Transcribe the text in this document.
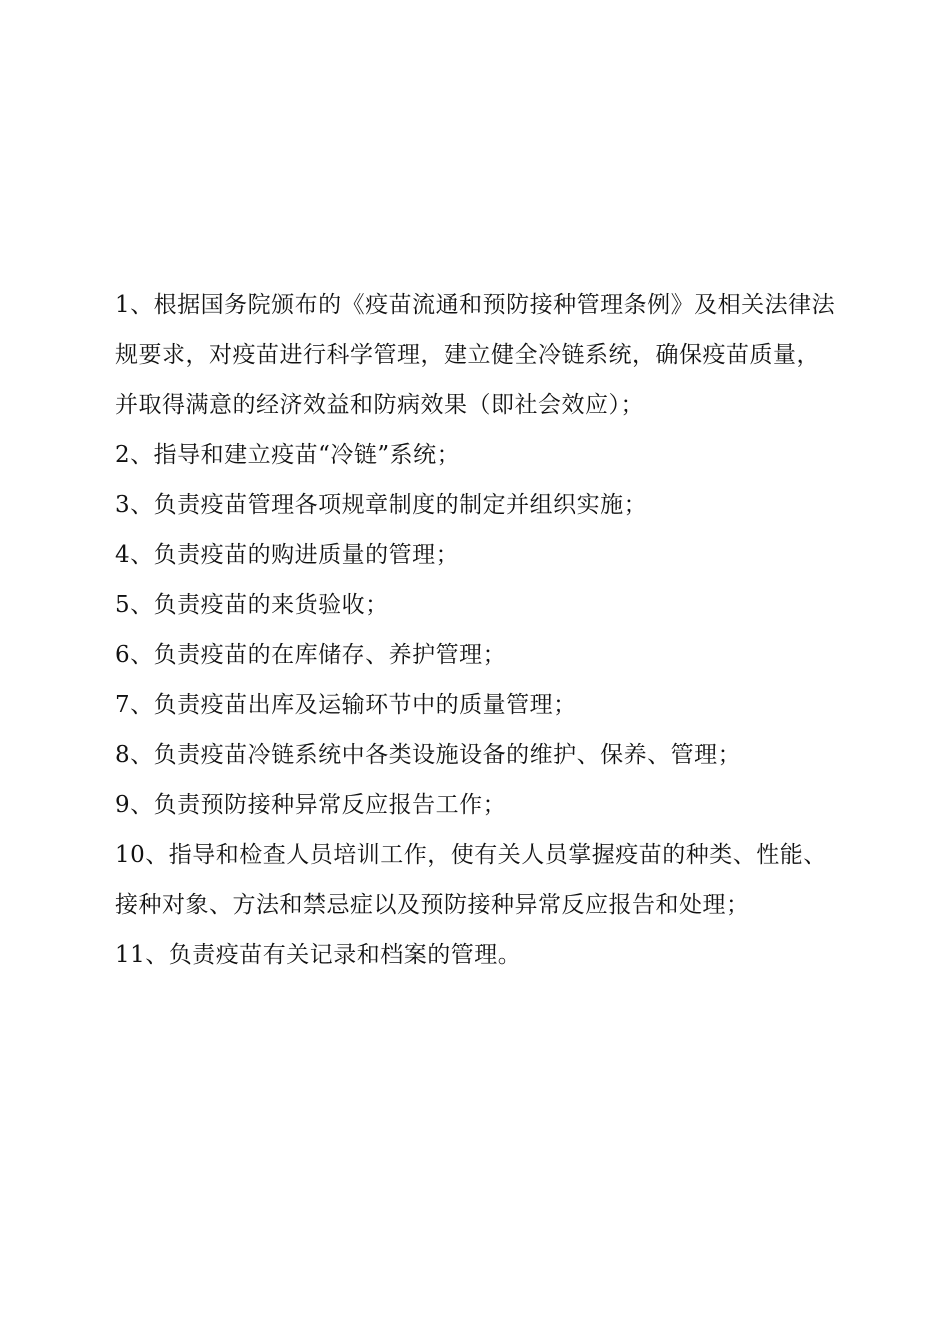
1、根据国务院颁布的《疫苗流通和预防接种管理条例》及相关法律法规要求，对疫苗进行科学管理，建立健全冷链系统，确保疫苗质量，并取得满意的经济效益和防病效果（即社会效应）；
2、指导和建立疫苗“冷链”系统；
3、负责疫苗管理各项规章制度的制定并组织实施；
4、负责疫苗的购进质量的管理；
5、负责疫苗的来货验收；
6、负责疫苗的在库储存、养护管理；
7、负责疫苗出库及运输环节中的质量管理；
8、负责疫苗冷链系统中各类设施设备的维护、保养、管理；
9、负责预防接种异常反应报告工作；
10、指导和检查人员培训工作，使有关人员掌握疫苗的种类、性能、接种对象、方法和禁忌症以及预防接种异常反应报告和处理；
11、负责疫苗有关记录和档案的管理。
